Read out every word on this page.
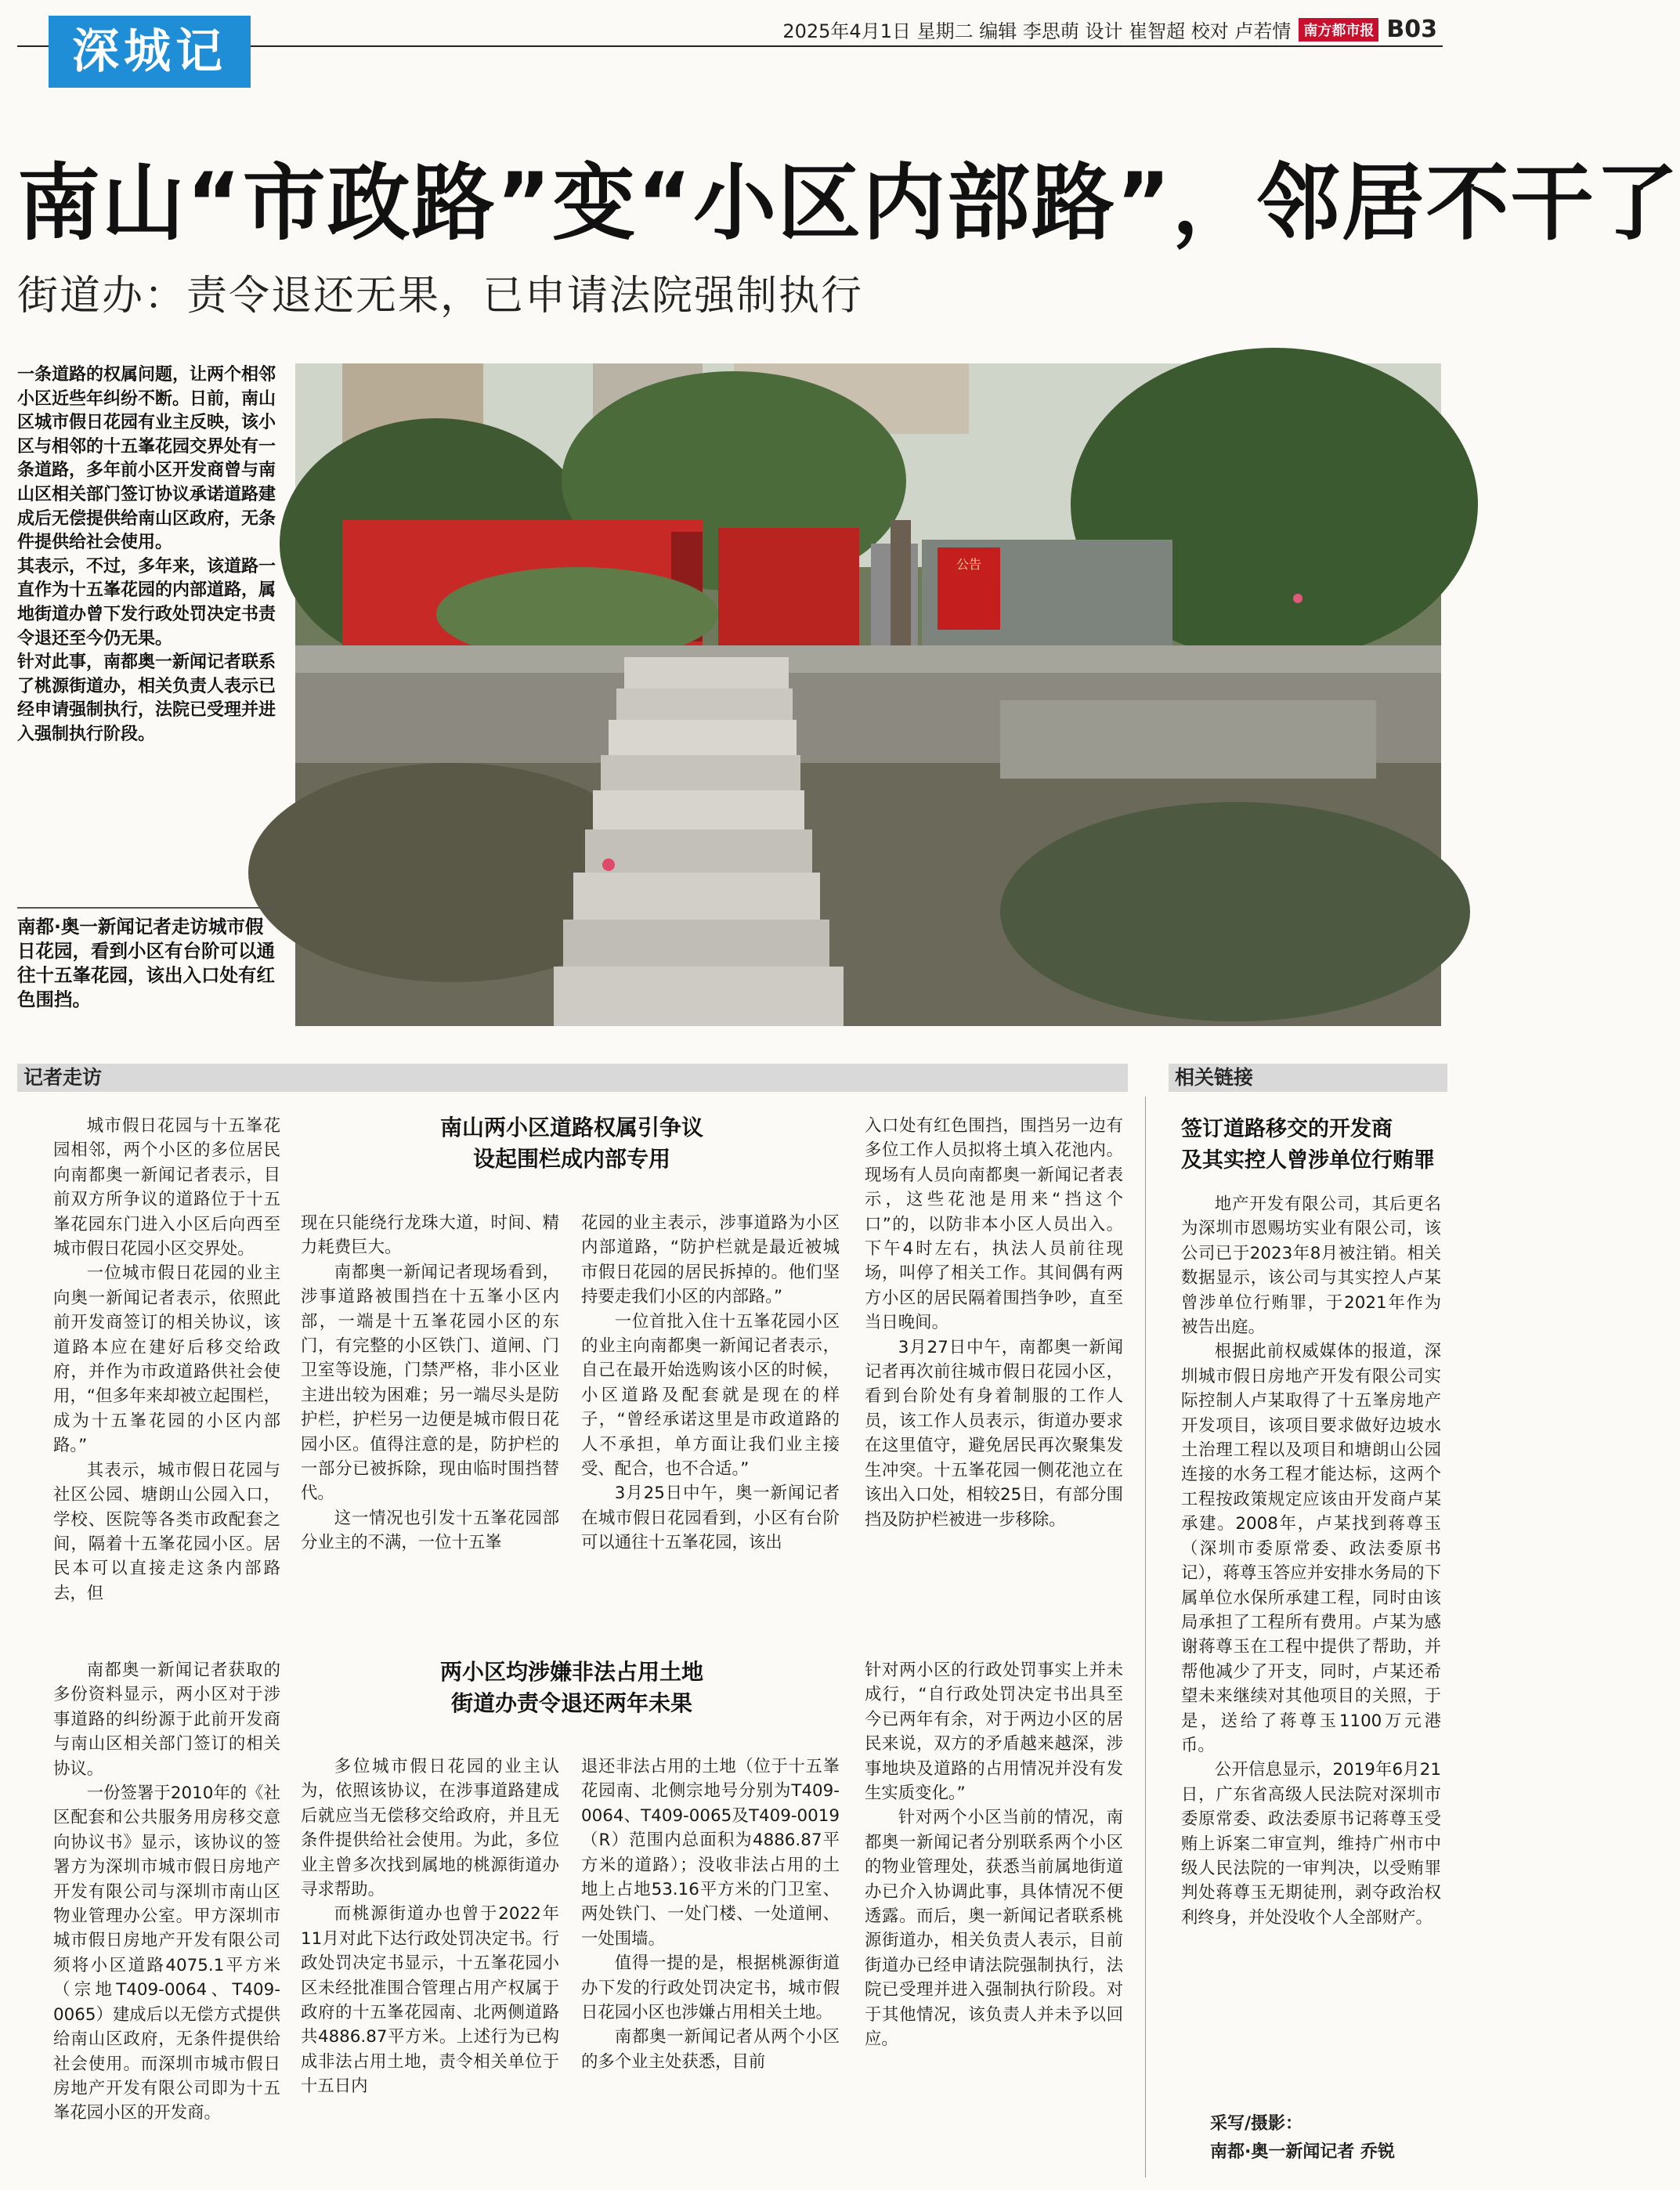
深城记	2025年4月1日 星期二 编辑 李思萌 设计 崔智超 校对 卢若情 南方都市报 B03
南山“市政路”变“小区内部路”，邻居不干了
街道办：责令退还无果，已申请法院强制执行

一条道路的权属问题，让两个相邻小区近些年纠纷不断。日前，南山区城市假日花园有业主反映，该小区与相邻的十五峯花园交界处有一条道路，多年前小区开发商曾与南山区相关部门签订协议承诺道路建成后无偿提供给南山区政府，无条件提供给社会使用。

其表示，不过，多年来，该道路一直作为十五峯花园的内部道路，属地街道办曾下发行政处罚决定书责令退还至今仍无果。

针对此事，南都奥一新闻记者联系了桃源街道办，相关负责人表示已经申请强制执行，法院已受理并进入强制执行阶段。

公告
南都·奥一新闻记者走访城市假日花园，看到小区有台阶可以通往十五峯花园，该出入口处有红色围挡。
记者走访	相关链接
南山两小区道路权属引争议
设起围栏成内部专用

城市假日花园与十五峯花园相邻，两个小区的多位居民向南都奥一新闻记者表示，目前双方所争议的道路位于十五峯花园东门进入小区后向西至城市假日花园小区交界处。

一位城市假日花园的业主向奥一新闻记者表示，依照此前开发商签订的相关协议，该道路本应在建好后移交给政府，并作为市政道路供社会使用，“但多年来却被立起围栏，成为十五峯花园的小区内部路。”

其表示，城市假日花园与社区公园、塘朗山公园入口，学校、医院等各类市政配套之间，隔着十五峯花园小区。居民本可以直接走这条内部路去，但

现在只能绕行龙珠大道，时间、精力耗费巨大。

南都奥一新闻记者现场看到，涉事道路被围挡在十五峯小区内部，一端是十五峯花园小区的东门，有完整的小区铁门、道闸、门卫室等设施，门禁严格，非小区业主进出较为困难；另一端尽头是防护栏，护栏另一边便是城市假日花园小区。值得注意的是，防护栏的一部分已被拆除，现由临时围挡替代。

这一情况也引发十五峯花园部分业主的不满，一位十五峯

花园的业主表示，涉事道路为小区内部道路，“防护栏就是最近被城市假日花园的居民拆掉的。他们坚持要走我们小区的内部路。”

一位首批入住十五峯花园小区的业主向南都奥一新闻记者表示，自己在最开始选购该小区的时候，小区道路及配套就是现在的样子，“曾经承诺这里是市政道路的人不承担，单方面让我们业主接受、配合，也不合适。”

3月25日中午，奥一新闻记者在城市假日花园看到，小区有台阶可以通往十五峯花园，该出

入口处有红色围挡，围挡另一边有多位工作人员拟将土填入花池内。现场有人员向南都奥一新闻记者表示，这些花池是用来“挡这个口”的，以防非本小区人员出入。下午4时左右，执法人员前往现场，叫停了相关工作。其间偶有两方小区的居民隔着围挡争吵，直至当日晚间。

3月27日中午，南都奥一新闻记者再次前往城市假日花园小区，看到台阶处有身着制服的工作人员，该工作人员表示，街道办要求在这里值守，避免居民再次聚集发生冲突。十五峯花园一侧花池立在该出入口处，相较25日，有部分围挡及防护栏被进一步移除。

两小区均涉嫌非法占用土地
街道办责令退还两年未果

南都奥一新闻记者获取的多份资料显示，两小区对于涉事道路的纠纷源于此前开发商与南山区相关部门签订的相关协议。

一份签署于2010年的《社区配套和公共服务用房移交意向协议书》显示，该协议的签署方为深圳市城市假日房地产开发有限公司与深圳市南山区物业管理办公室。甲方深圳市城市假日房地产开发有限公司须将小区道路4075.1平方米（宗地T409-0064、T409-0065）建成后以无偿方式提供给南山区政府，无条件提供给社会使用。而深圳市城市假日房地产开发有限公司即为十五峯花园小区的开发商。

多位城市假日花园的业主认为，依照该协议，在涉事道路建成后就应当无偿移交给政府，并且无条件提供给社会使用。为此，多位业主曾多次找到属地的桃源街道办寻求帮助。

而桃源街道办也曾于2022年11月对此下达行政处罚决定书。行政处罚决定书显示，十五峯花园小区未经批准围合管理占用产权属于政府的十五峯花园南、北两侧道路共4886.87平方米。上述行为已构成非法占用土地，责令相关单位于十五日内

退还非法占用的土地（位于十五峯花园南、北侧宗地号分别为T409-0064、T409-0065及T409-0019（R）范围内总面积为4886.87平方米的道路）；没收非法占用的土地上占地53.16平方米的门卫室、两处铁门、一处门楼、一处道闸、一处围墙。

值得一提的是，根据桃源街道办下发的行政处罚决定书，城市假日花园小区也涉嫌占用相关土地。

南都奥一新闻记者从两个小区的多个业主处获悉，目前

针对两小区的行政处罚事实上并未成行，“自行政处罚决定书出具至今已两年有余，对于两边小区的居民来说，双方的矛盾越来越深，涉事地块及道路的占用情况并没有发生实质变化。”

针对两个小区当前的情况，南都奥一新闻记者分别联系两个小区的物业管理处，获悉当前属地街道办已介入协调此事，具体情况不便透露。而后，奥一新闻记者联系桃源街道办，相关负责人表示，目前街道办已经申请法院强制执行，法院已受理并进入强制执行阶段。对于其他情况，该负责人并未予以回应。

签订道路移交的开发商
及其实控人曾涉单位行贿罪

地产开发有限公司，其后更名为深圳市恩赐坊实业有限公司，该公司已于2023年8月被注销。相关数据显示，该公司与其实控人卢某曾涉单位行贿罪，于2021年作为被告出庭。

根据此前权威媒体的报道，深圳城市假日房地产开发有限公司实际控制人卢某取得了十五峯房地产开发项目，该项目要求做好边坡水土治理工程以及项目和塘朗山公园连接的水务工程才能达标，这两个工程按政策规定应该由开发商卢某承建。2008年，卢某找到蒋尊玉（深圳市委原常委、政法委原书记），蒋尊玉答应并安排水务局的下属单位水保所承建工程，同时由该局承担了工程所有费用。卢某为感谢蒋尊玉在工程中提供了帮助，并帮他减少了开支，同时，卢某还希望未来继续对其他项目的关照，于是，送给了蒋尊玉1100万元港币。

公开信息显示，2019年6月21日，广东省高级人民法院对深圳市委原常委、政法委原书记蒋尊玉受贿上诉案二审宣判，维持广州市中级人民法院的一审判决，以受贿罪判处蒋尊玉无期徒刑，剥夺政治权利终身，并处没收个人全部财产。

采写/摄影：
南都·奥一新闻记者 乔锐
